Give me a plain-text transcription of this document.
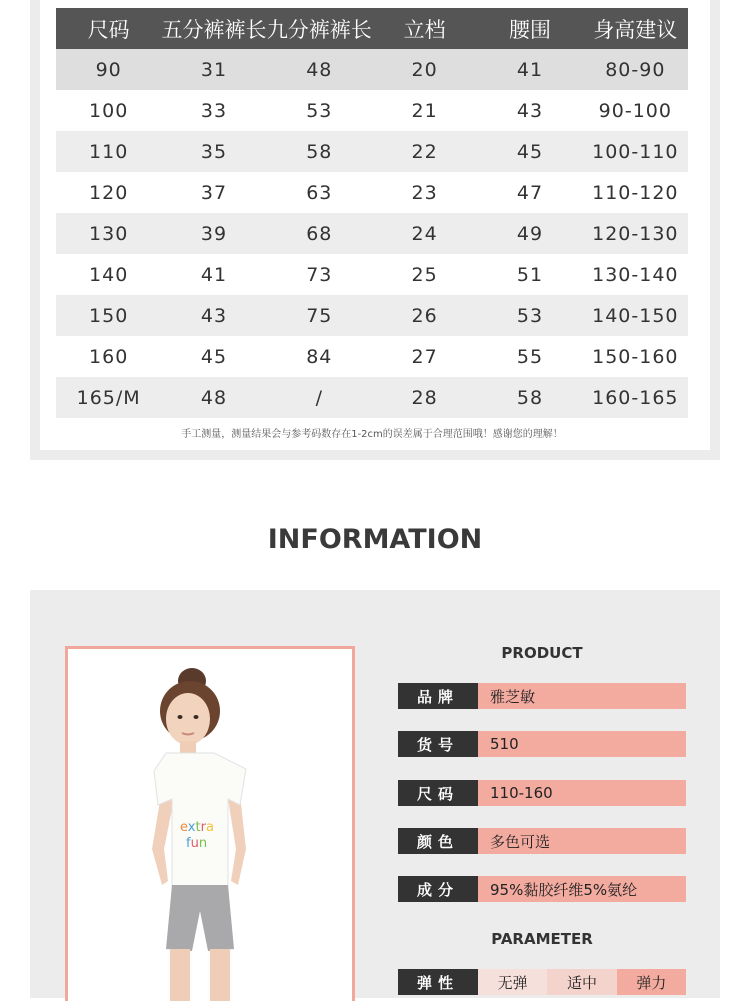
尺码	五分裤裤长	九分裤裤长	立档	腰围	身高建议
90	31	48	20	41	80-90
100	33	53	21	43	90-100
110	35	58	22	45	100-110
120	37	63	23	47	110-120
130	39	68	24	49	120-130
140	41	73	25	51	130-140
150	43	75	26	53	140-150
160	45	84	27	55	150-160
165/M	48	/	28	58	160-165
手工测量，测量结果会与参考码数存在1-2cm的误差属于合理范围哦！感谢您的理解！
INFORMATION
extra
fun
PRODUCT
品牌	雅芝敏
货号	510
尺码	110-160
颜色	多色可选
成分	95%黏胶纤维5%氨纶
PARAMETER
弹性	无弹	适中	弹力
